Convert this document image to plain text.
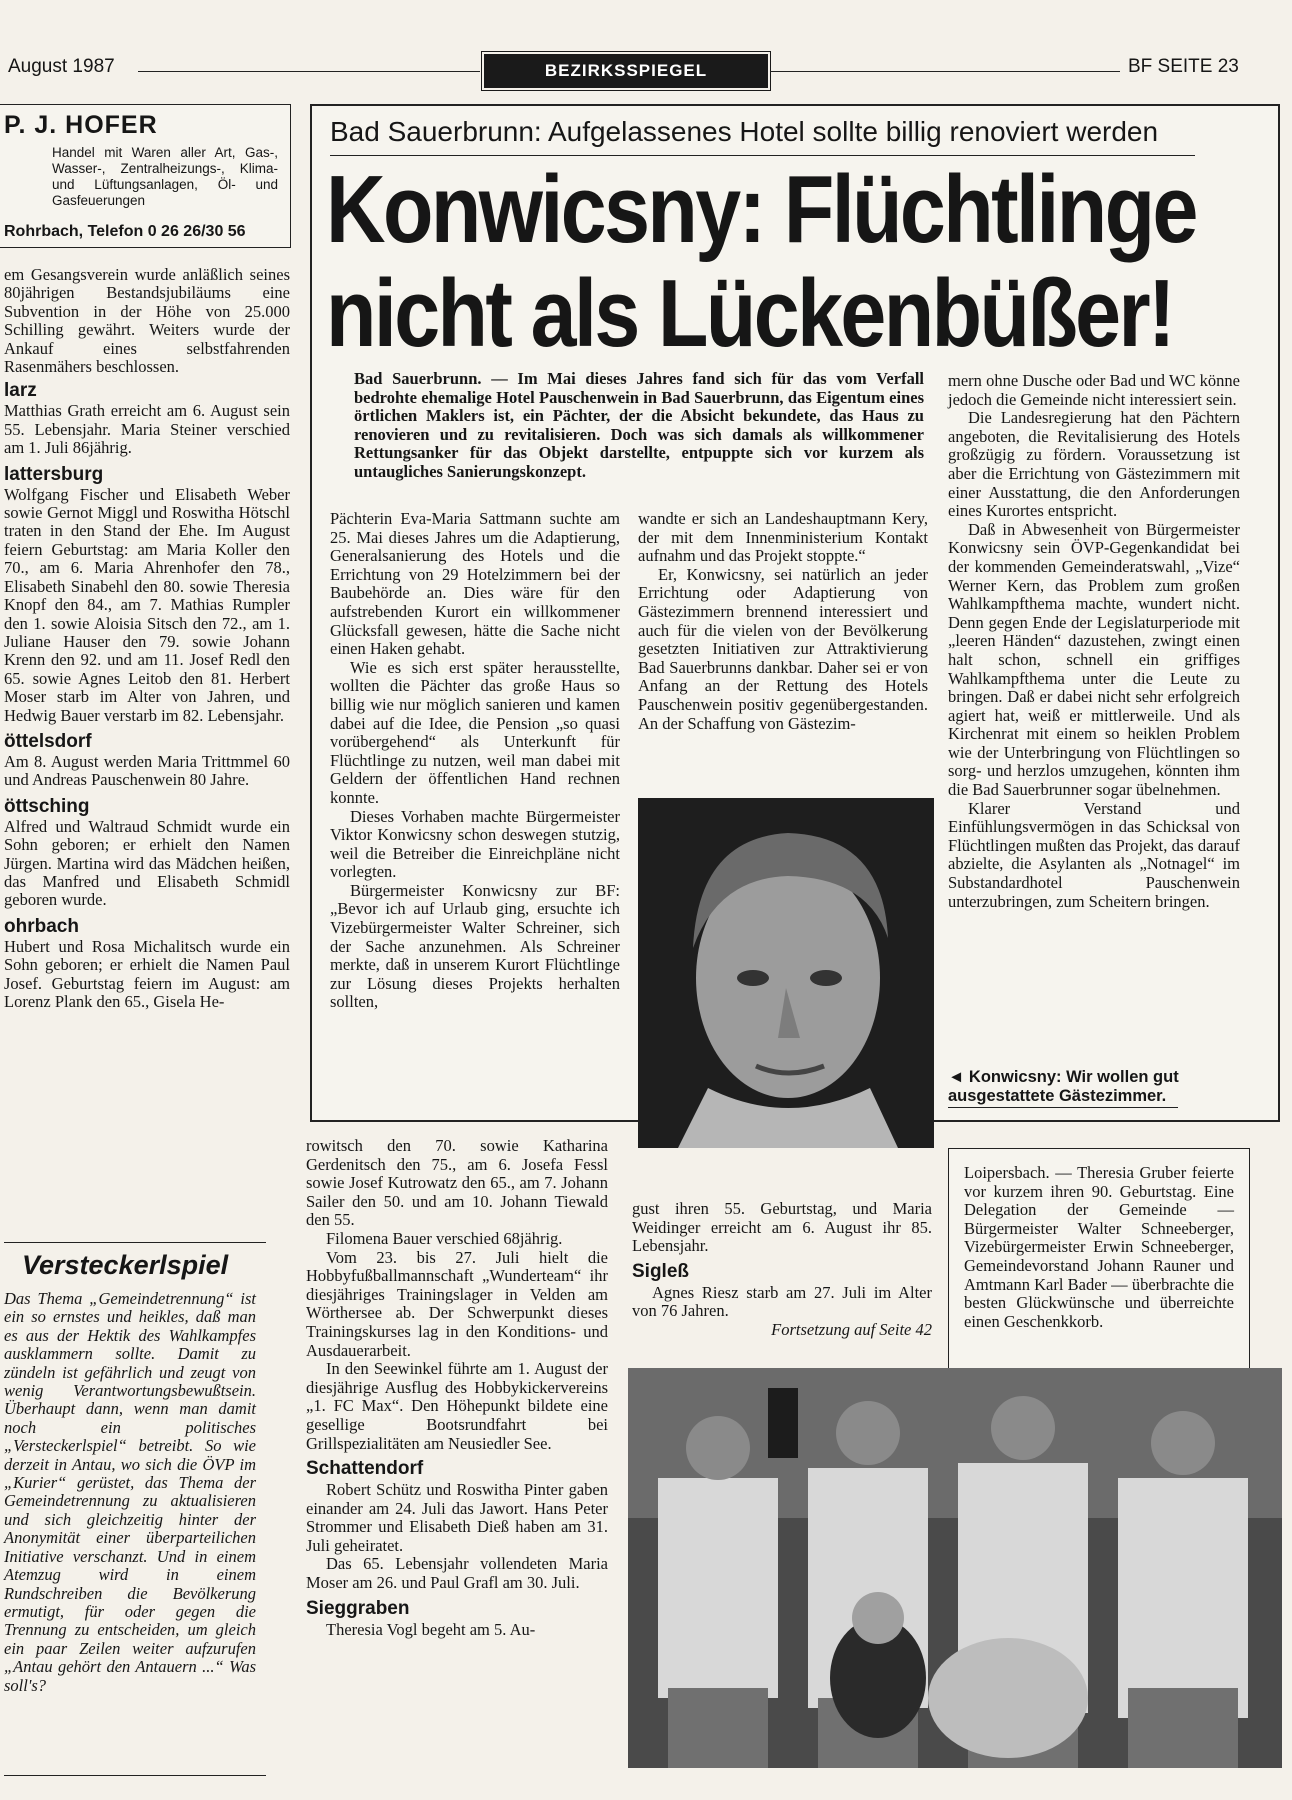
August 1987	BEZIRKSSPIEGEL	BF SEITE 23
P. J. HOFER
Handel mit Waren aller Art, Gas-, Wasser-, Zentralheizungs-, Klima- und Lüftungsanlagen, Öl- und Gasfeuerungen
Rohrbach, Telefon 0 26 26/30 56
em Gesangsverein wurde anläßlich seines 80jährigen Bestandsjubiläums eine Subvention in der Höhe von 25.000 Schilling gewährt. Weiters wurde der Ankauf eines selbstfahrenden Rasenmähers beschlossen.
larz
Matthias Grath erreicht am 6. August sein 55. Lebensjahr. Maria Steiner verschied am 1. Juli 86jährig.
lattersburg
Wolfgang Fischer und Elisabeth Weber sowie Gernot Miggl und Roswitha Hötschl traten in den Stand der Ehe. Im August feiern Geburtstag: am Maria Koller den 70., am 6. Maria Ahrenhofer den 78., Elisabeth Sinabehl den 80. sowie Theresia Knopf den 84., am 7. Mathias Rumpler den 1. sowie Aloisia Sitsch den 72., am 1. Juliane Hauser den 79. sowie Johann Krenn den 92. und am 11. Josef Redl den 65. sowie Agnes Leitob den 81. Herbert Moser starb im Alter von Jahren, und Hedwig Bauer verstarb im 82. Lebensjahr.
öttelsdorf
Am 8. August werden Maria Trittmmel 60 und Andreas Pauschenwein 80 Jahre.
öttsching
Alfred und Waltraud Schmidt wurde ein Sohn geboren; er erhielt den Namen Jürgen. Martina wird das Mädchen heißen, das Manfred und Elisabeth Schmidl geboren wurde.
ohrbach
Hubert und Rosa Michalitsch wurde ein Sohn geboren; er erhielt die Namen Paul Josef. Geburtstag feiern im August: am Lorenz Plank den 65., Gisela He-
Versteckerlspiel
Das Thema „Gemeindetrennung“ ist ein so ernstes und heikles, daß man es aus der Hektik des Wahlkampfes ausklammern sollte. Damit zu zündeln ist gefährlich und zeugt von wenig Verantwortungsbewußtsein. Überhaupt dann, wenn man damit noch ein politisches „Versteckerlspiel“ betreibt. So wie derzeit in Antau, wo sich die ÖVP im „Kurier“ gerüstet, das Thema der Gemeindetrennung zu aktualisieren und sich gleichzeitig hinter der Anonymität einer überparteilichen Initiative verschanzt. Und in einem Atemzug wird in einem Rundschreiben die Bevölkerung ermutigt, für oder gegen die Trennung zu entscheiden, um gleich ein paar Zeilen weiter aufzurufen „Antau gehört den Antauern ...“ Was soll's?
Bad Sauerbrunn: Aufgelassenes Hotel sollte billig renoviert werden
Konwicsny: Flüchtlinge
nicht als Lückenbüßer!
Bad Sauerbrunn. — Im Mai dieses Jahres fand sich für das vom Verfall bedrohte ehemalige Hotel Pauschenwein in Bad Sauerbrunn, das Eigentum eines örtlichen Maklers ist, ein Pächter, der die Absicht bekundete, das Haus zu renovieren und zu revitalisieren. Doch was sich damals als willkommener Rettungsanker für das Objekt darstellte, entpuppte sich vor kurzem als untaugliches Sanierungskonzept.

Pächterin Eva-Maria Sattmann suchte am 25. Mai dieses Jahres um die Adaptierung, Generalsanierung des Hotels und die Errichtung von 29 Hotelzimmern bei der Baubehörde an. Dies wäre für den aufstrebenden Kurort ein willkommener Glücksfall gewesen, hätte die Sache nicht einen Haken gehabt.

Wie es sich erst später herausstellte, wollten die Pächter das große Haus so billig wie nur möglich sanieren und kamen dabei auf die Idee, die Pension „so quasi vorübergehend“ als Unterkunft für Flüchtlinge zu nutzen, weil man dabei mit Geldern der öffentlichen Hand rechnen konnte.

Dieses Vorhaben machte Bürgermeister Viktor Konwicsny schon deswegen stutzig, weil die Betreiber die Einreichpläne nicht vorlegten.

Bürgermeister Konwicsny zur BF: „Bevor ich auf Urlaub ging, ersuchte ich Vizebürgermeister Walter Schreiner, sich der Sache anzunehmen. Als Schreiner merkte, daß in unserem Kurort Flüchtlinge zur Lösung dieses Projekts herhalten sollten,

wandte er sich an Landeshauptmann Kery, der mit dem Innenministerium Kontakt aufnahm und das Projekt stoppte.“

Er, Konwicsny, sei natürlich an jeder Errichtung oder Adaptierung von Gästezimmern brennend interessiert und auch für die vielen von der Bevölkerung gesetzten Initiativen zur Attraktivierung Bad Sauerbrunns dankbar. Daher sei er von Anfang an der Rettung des Hotels Pauschenwein positiv gegenübergestanden. An der Schaffung von Gästezim-

mern ohne Dusche oder Bad und WC könne jedoch die Gemeinde nicht interessiert sein.

Die Landesregierung hat den Pächtern angeboten, die Revitalisierung des Hotels großzügig zu fördern. Voraussetzung ist aber die Errichtung von Gästezimmern mit einer Ausstattung, die den Anforderungen eines Kurortes entspricht.

Daß in Abwesenheit von Bürgermeister Konwicsny sein ÖVP-Gegenkandidat bei der kommenden Gemeinderatswahl, „Vize“ Werner Kern, das Problem zum großen Wahlkampfthema machte, wundert nicht. Denn gegen Ende der Legislaturperiode mit „leeren Händen“ dazustehen, zwingt einen halt schon, schnell ein griffiges Wahlkampfthema unter die Leute zu bringen. Daß er dabei nicht sehr erfolgreich agiert hat, weiß er mittlerweile. Und als Kirchenrat mit einem so heiklen Problem wie der Unterbringung von Flüchtlingen so sorg- und herzlos umzugehen, könnten ihm die Bad Sauerbrunner sogar übelnehmen.

Klarer Verstand und Einfühlungsvermögen in das Schicksal von Flüchtlingen mußten das Projekt, das darauf abzielte, die Asylanten als „Notnagel“ im Substandardhotel Pauschenwein unterzubringen, zum Scheitern bringen.

◄ Konwicsny: Wir wollen gut ausgestattete Gästezimmer.

rowitsch den 70. sowie Katharina Gerdenitsch den 75., am 6. Josefa Fessl sowie Josef Kutrowatz den 65., am 7. Johann Sailer den 50. und am 10. Johann Tiewald den 55.

Filomena Bauer verschied 68jährig.

Vom 23. bis 27. Juli hielt die Hobbyfußballmannschaft „Wunderteam“ ihr diesjähriges Trainingslager in Velden am Wörthersee ab. Der Schwerpunkt dieses Trainingskurses lag in den Konditions- und Ausdauerarbeit.

In den Seewinkel führte am 1. August der diesjährige Ausflug des Hobbykickervereins „1. FC Max“. Den Höhepunkt bildete eine gesellige Bootsrundfahrt bei Grillspezialitäten am Neusiedler See.

Schattendorf

Robert Schütz und Roswitha Pinter gaben einander am 24. Juli das Jawort. Hans Peter Strommer und Elisabeth Dieß haben am 31. Juli geheiratet.

Das 65. Lebensjahr vollendeten Maria Moser am 26. und Paul Grafl am 30. Juli.

Sieggraben

Theresia Vogl begeht am 5. Au-

gust ihren 55. Geburtstag, und Maria Weidinger erreicht am 6. August ihr 85. Lebensjahr.

Sigleß

Agnes Riesz starb am 27. Juli im Alter von 76 Jahren.

Fortsetzung auf Seite 42

Loipersbach. — Theresia Gruber feierte vor kurzem ihren 90. Geburtstag. Eine Delegation der Gemeinde — Bürgermeister Walter Schneeberger, Vizebürgermeister Erwin Schneeberger, Gemeindevorstand Johann Rauner und Amtmann Karl Bader — überbrachte die besten Glückwünsche und überreichte einen Geschenkkorb.
